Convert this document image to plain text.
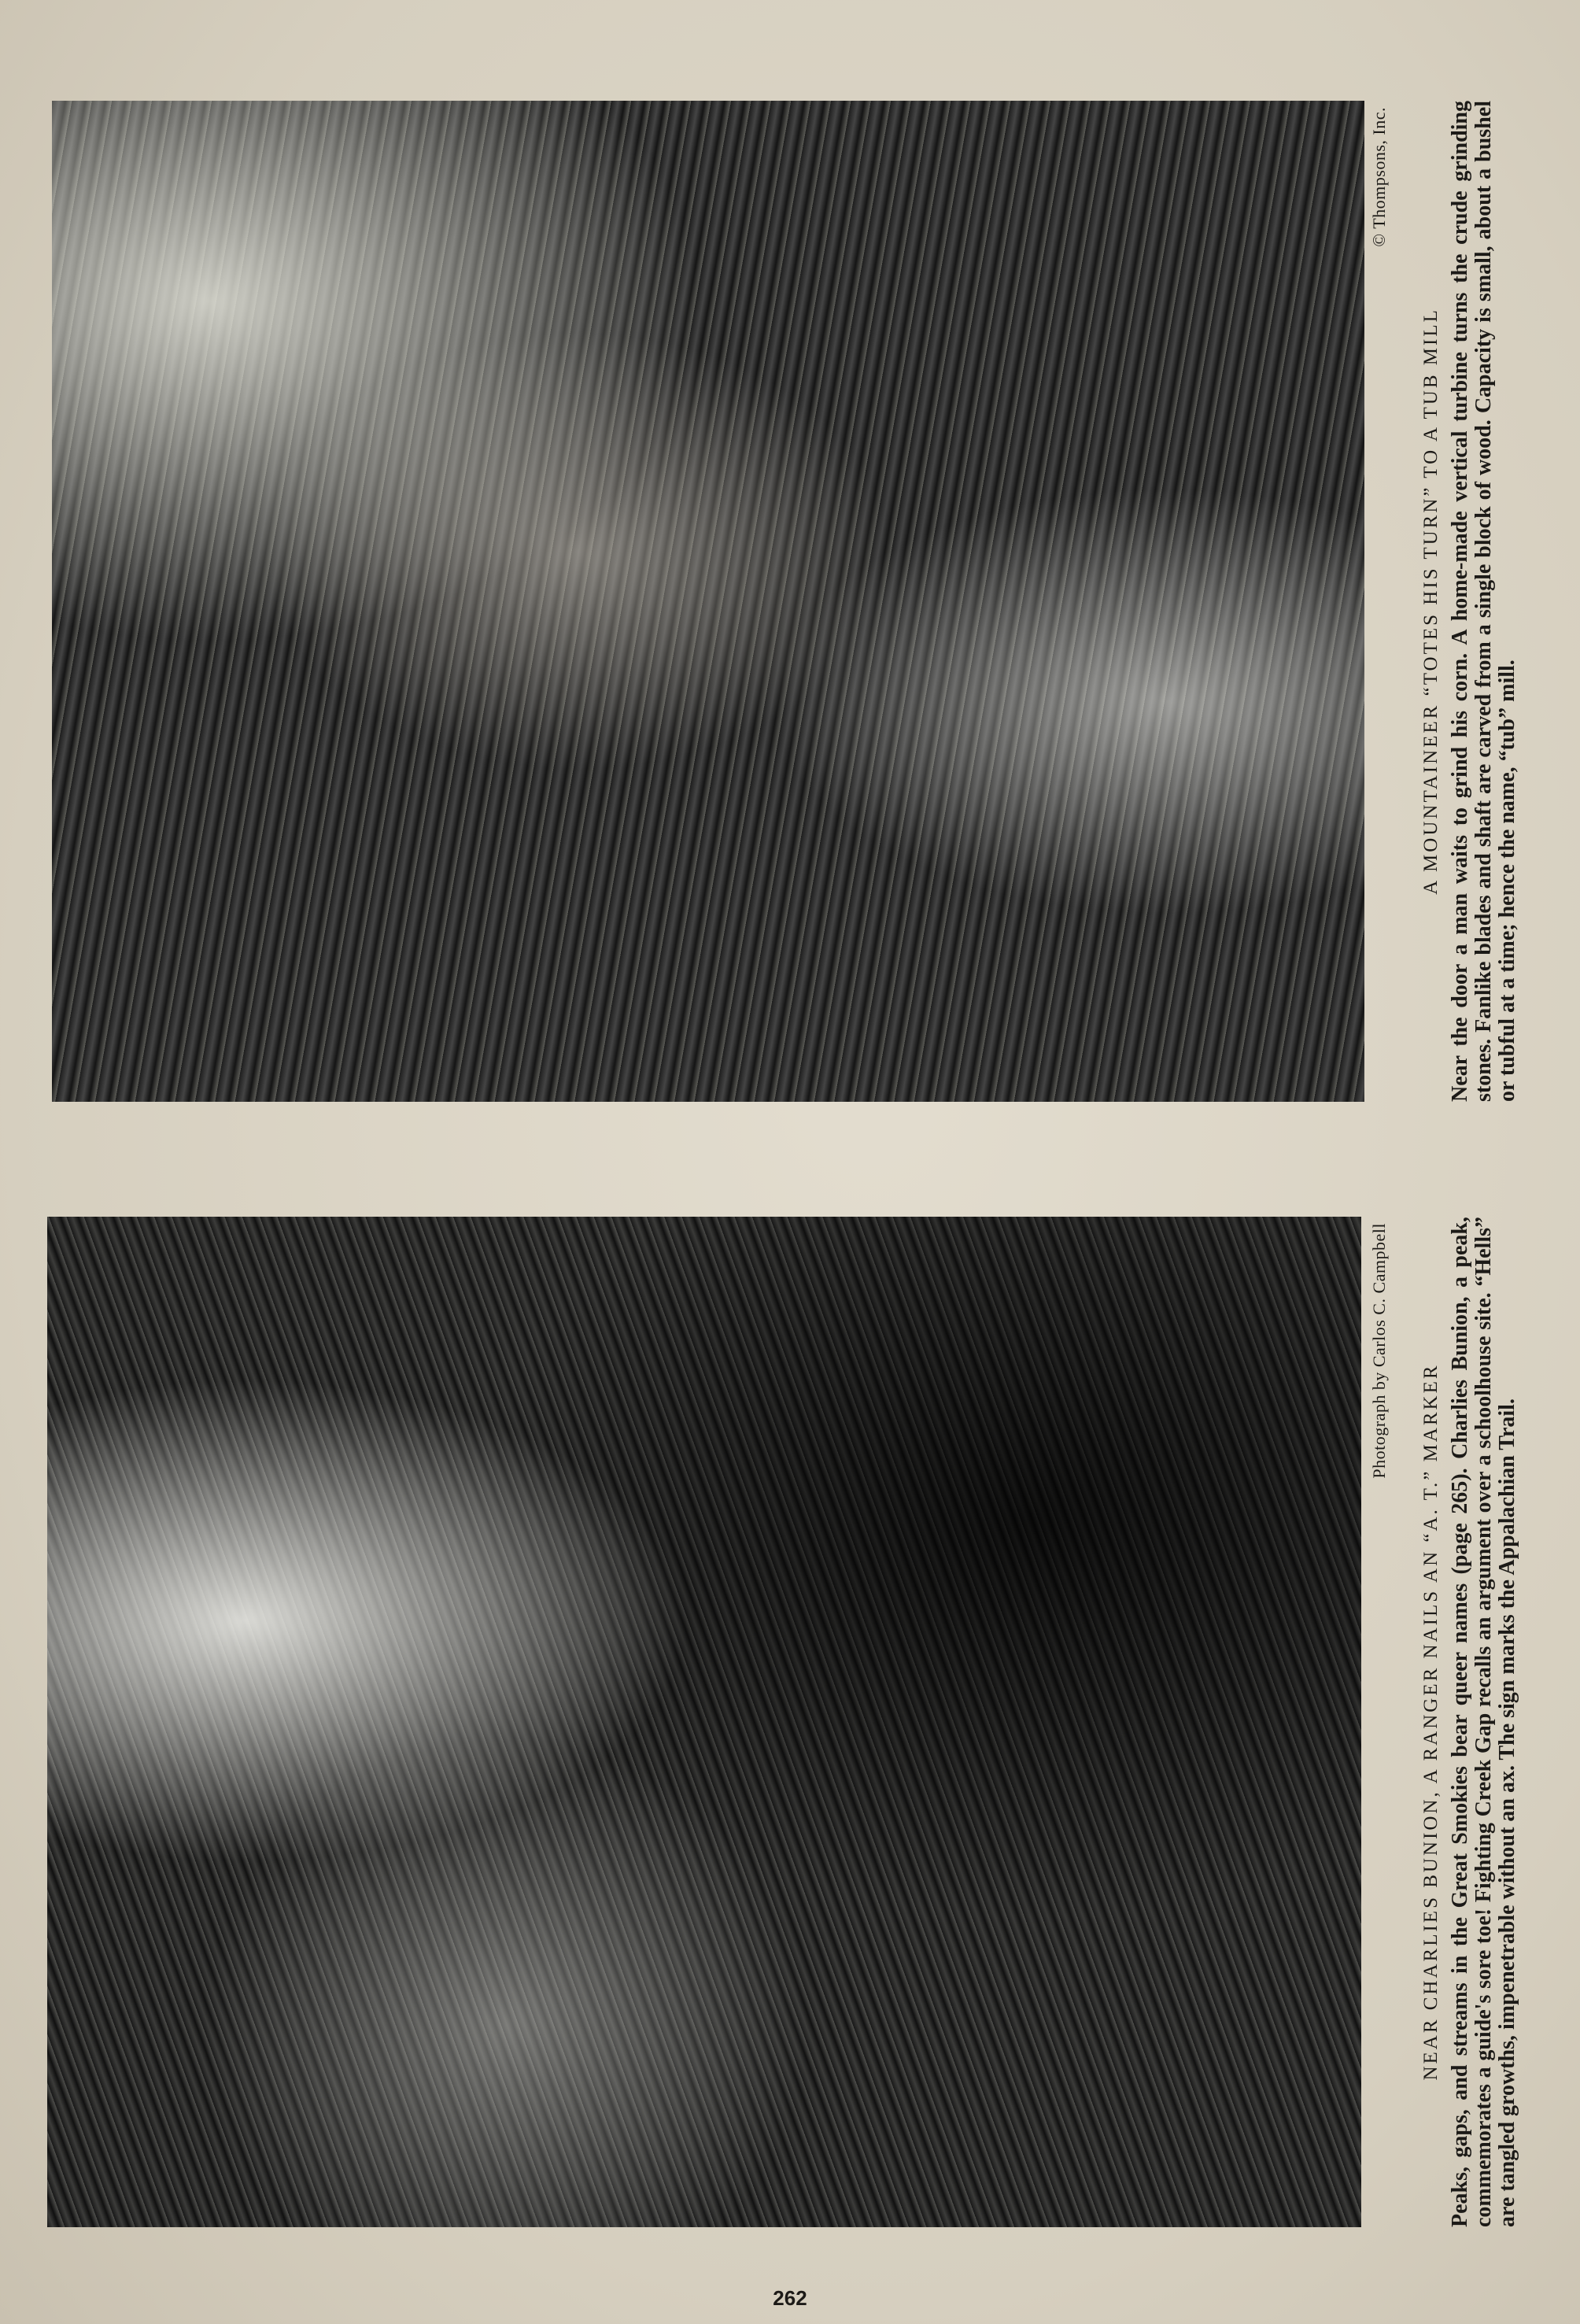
© Thompsons, Inc.
A MOUNTAINEER “TOTES HIS TURN” TO A TUB MILL Near the door a man waits to grind his corn. A home-made vertical turbine turns the crude grinding stones. Fanlike blades and shaft are carved from a single block of wood. Capacity is small, about a bushel or tubful at a time; hence the name, “tub” mill.
Photograph by Carlos C. Campbell
NEAR CHARLIES BUNION, A RANGER NAILS AN “A. T.” MARKER Peaks, gaps, and streams in the Great Smokies bear queer names (page 265). Charlies Bunion, a peak, commemorates a guide's sore toe! Fighting Creek Gap recalls an argument over a schoolhouse site. “Hells” are tangled growths, impenetrable without an ax. The sign marks the Appalachian Trail.
262
